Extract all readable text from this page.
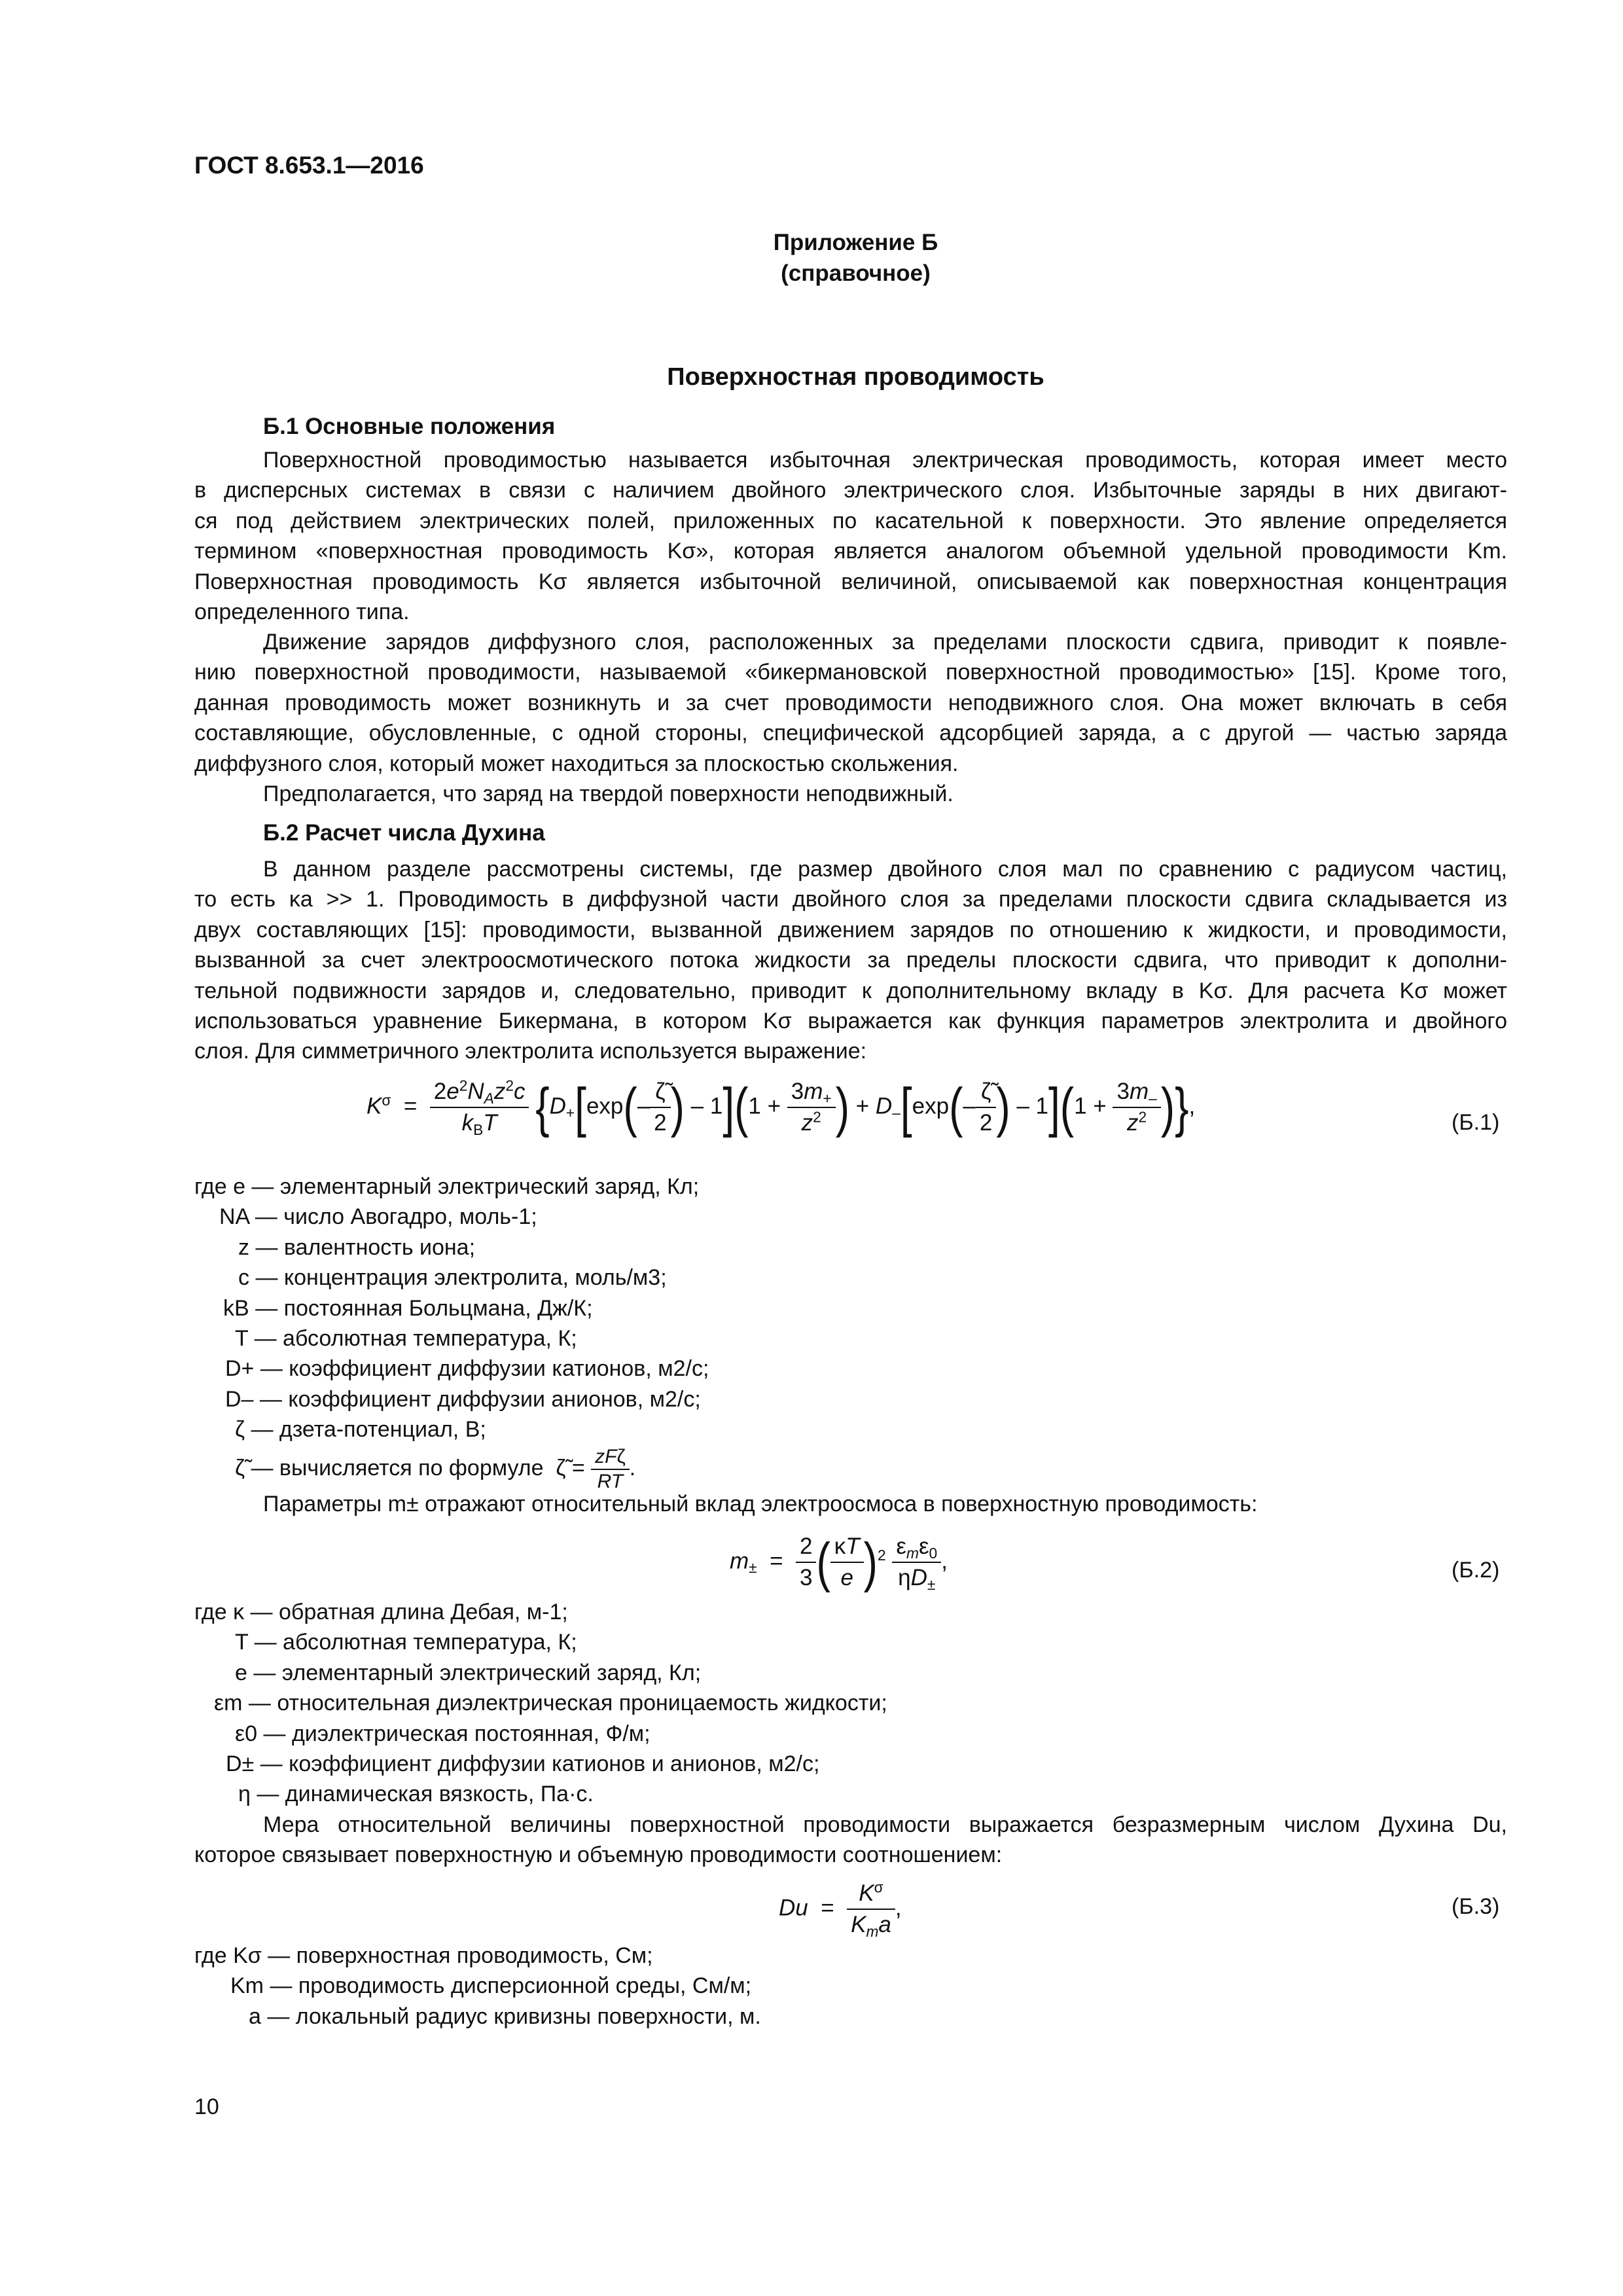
ГОСТ 8.653.1—2016
Приложение Б
(справочное)
Поверхностная проводимость
Б.1 Основные положения
Поверхностной проводимостью называется избыточная электрическая проводимость, которая имеет место
в дисперсных системах в связи с наличием двойного электрического слоя. Избыточные заряды в них двигают-
ся под действием электрических полей, приложенных по касательной к поверхности. Это явление определяется
термином «поверхностная проводимость Kσ», которая является аналогом объемной удельной проводимости Km.
Поверхностная проводимость Kσ является избыточной величиной, описываемой как поверхностная концентрация
определенного типа.
Движение зарядов диффузного слоя, расположенных за пределами плоскости сдвига, приводит к появле-
нию поверхностной проводимости, называемой «бикермановской поверхностной проводимостью» [15]. Кроме того,
данная проводимость может возникнуть и за счет проводимости неподвижного слоя. Она может включать в себя
составляющие, обусловленные, с одной стороны, специфической адсорбцией заряда, а с другой — частью заряда
диффузного слоя, который может находиться за плоскостью скольжения.
Предполагается, что заряд на твердой поверхности неподвижный.
Б.2 Расчет числа Духина
В данном разделе рассмотрены системы, где размер двойного слоя мал по сравнению с радиусом частиц,
то есть κa >> 1. Проводимость в диффузной части двойного слоя за пределами плоскости сдвига складывается из
двух составляющих [15]: проводимости, вызванной движением зарядов по отношению к жидкости, и проводимости,
вызванной за счет электроосмотического потока жидкости за пределы плоскости сдвига, что приводит к дополни-
тельной подвижности зарядов и, следовательно, приводит к дополнительному вкладу в Kσ. Для расчета Kσ может
использоваться уравнение Бикермана, в котором Kσ выражается как функция параметров электролита и двойного
слоя. Для симметричного электролита используется выражение:
$K^\sigma = \frac{2e^2N_Az^2c}{k_BT} \{D_+[\exp(- \frac{\zetã}{2}$ ) – $1](1 + \frac{3m_+}{z^2}$ ) + $D_-[\exp(- \frac{\zetã}{2}$ ) – $1](1 + \frac{3m_-}{z^2}$ )},
(Б.1)
где e — элементарный электрический заряд, Кл;
NA — число Авогадро, моль-1;
z — валентность иона;
c — концентрация электролита, моль/м3;
kB — постоянная Больцмана, Дж/К;
T — абсолютная температура, К;
D+ — коэффициент диффузии катионов, м2/с;
D– — коэффициент диффузии анионов, м2/с;
ζ — дзета-потенциал, В;
ζ̃ — вычисляется по формуле  ζ̃ = $\frac{\text{zFζ}}{RT}$ .
Параметры m± отражают относительный вклад электроосмоса в поверхностную проводимость:
$m_\pm = \frac{2}{3}$ ( $\frac{\kappa T}{e} )^2 \frac{\varepsilon_m\varepsilon_0}{\eta D_\pm}$ ,	(Б.2)
где κ — обратная длина Дебая, м-1;
T — абсолютная температура, К;
e — элементарный электрический заряд, Кл;
εm — относительная диэлектрическая проницаемость жидкости;
ε0 — диэлектрическая постоянная, Ф/м;
D± — коэффициент диффузии катионов и анионов, м2/с;
η — динамическая вязкость, Па·с.
Мера относительной величины поверхностной проводимости выражается безразмерным числом Духина Du,
которое связывает поверхностную и объемную проводимости соотношением:
$Du = \frac{K^\sigma}{K_ma}$ ,	(Б.3)
где Kσ — поверхностная проводимость, См;
Km — проводимость дисперсионной среды, См/м;
a — локальный радиус кривизны поверхности, м.
10
